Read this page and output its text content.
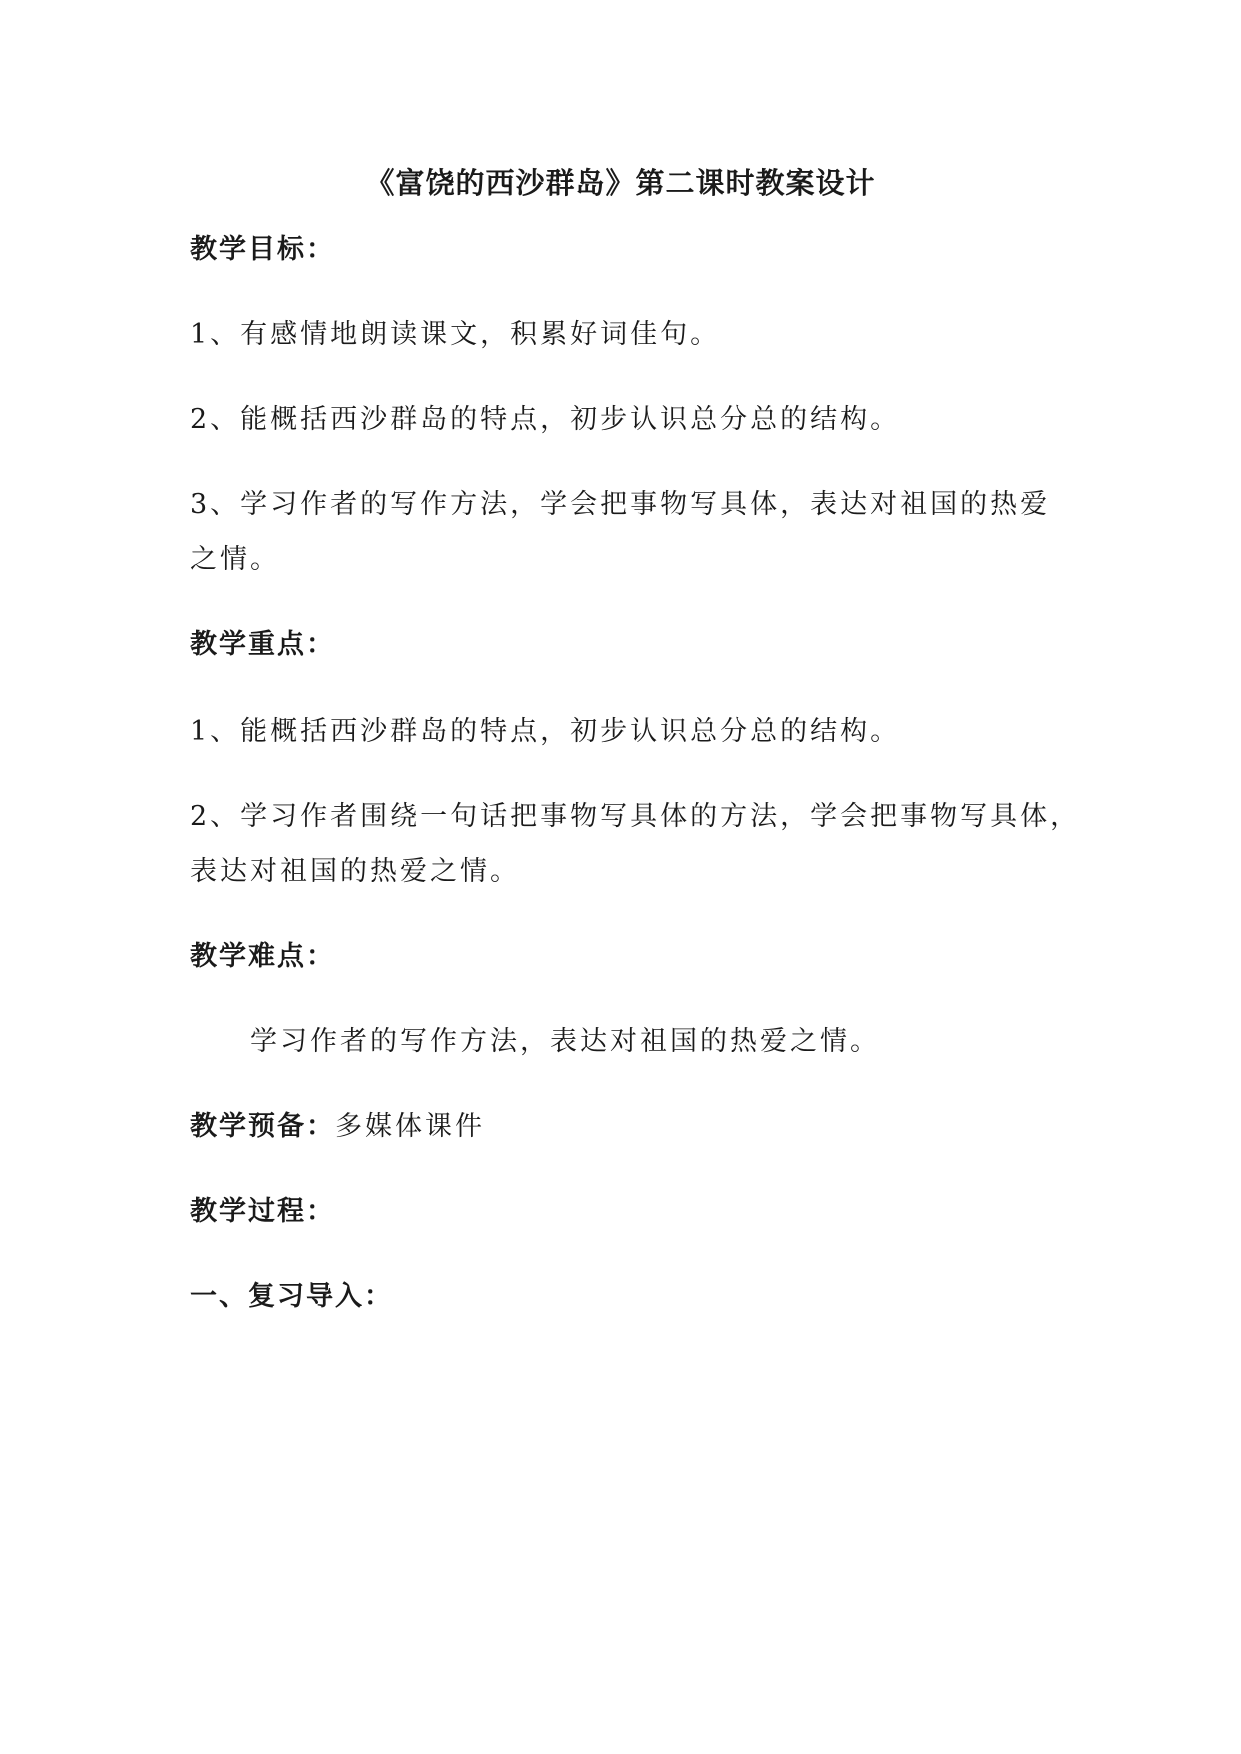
《富饶的西沙群岛》第二课时教案设计
教学目标：
1、有感情地朗读课文，积累好词佳句。
2、能概括西沙群岛的特点，初步认识总分总的结构。
3、学习作者的写作方法，学会把事物写具体，表达对祖国的热爱
之情。
教学重点：
1、能概括西沙群岛的特点，初步认识总分总的结构。
2、学习作者围绕一句话把事物写具体的方法，学会把事物写具体，
表达对祖国的热爱之情。
教学难点：
学习作者的写作方法，表达对祖国的热爱之情。
教学预备：多媒体课件
教学过程：
一、复习导入：
